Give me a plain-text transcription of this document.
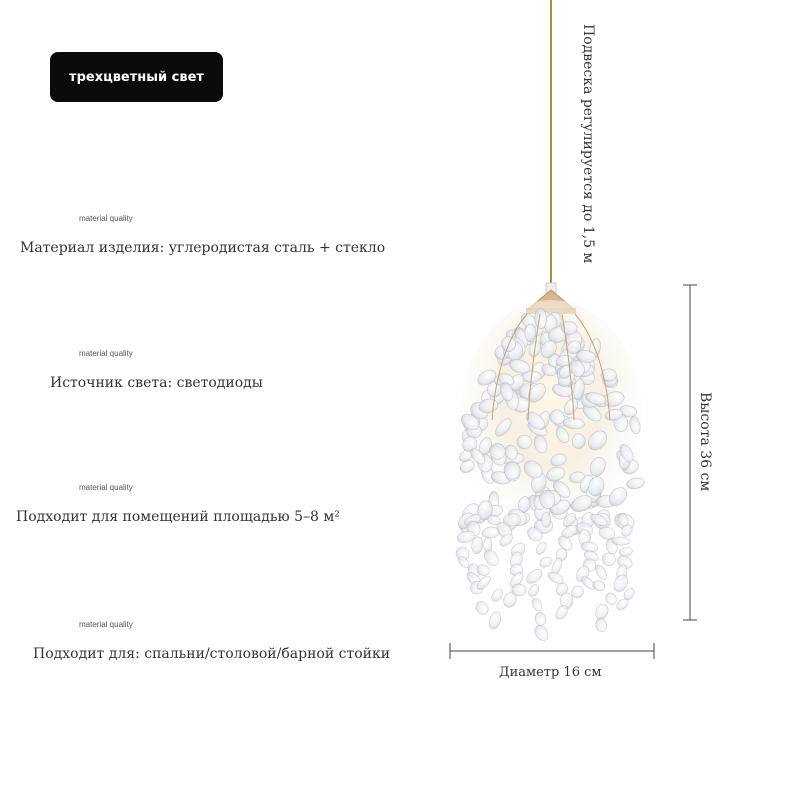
трехцветный свет
material quality
Материал изделия: углеродистая сталь + стекло
material quality
Источник света: светодиоды
material quality
Подходит для помещений площадью 5–8 м²
material quality
Подходит для: спальни/столовой/барной стойки
Подвеска регулируется до 1,5 м
Высота 36 см
Диаметр 16 см
